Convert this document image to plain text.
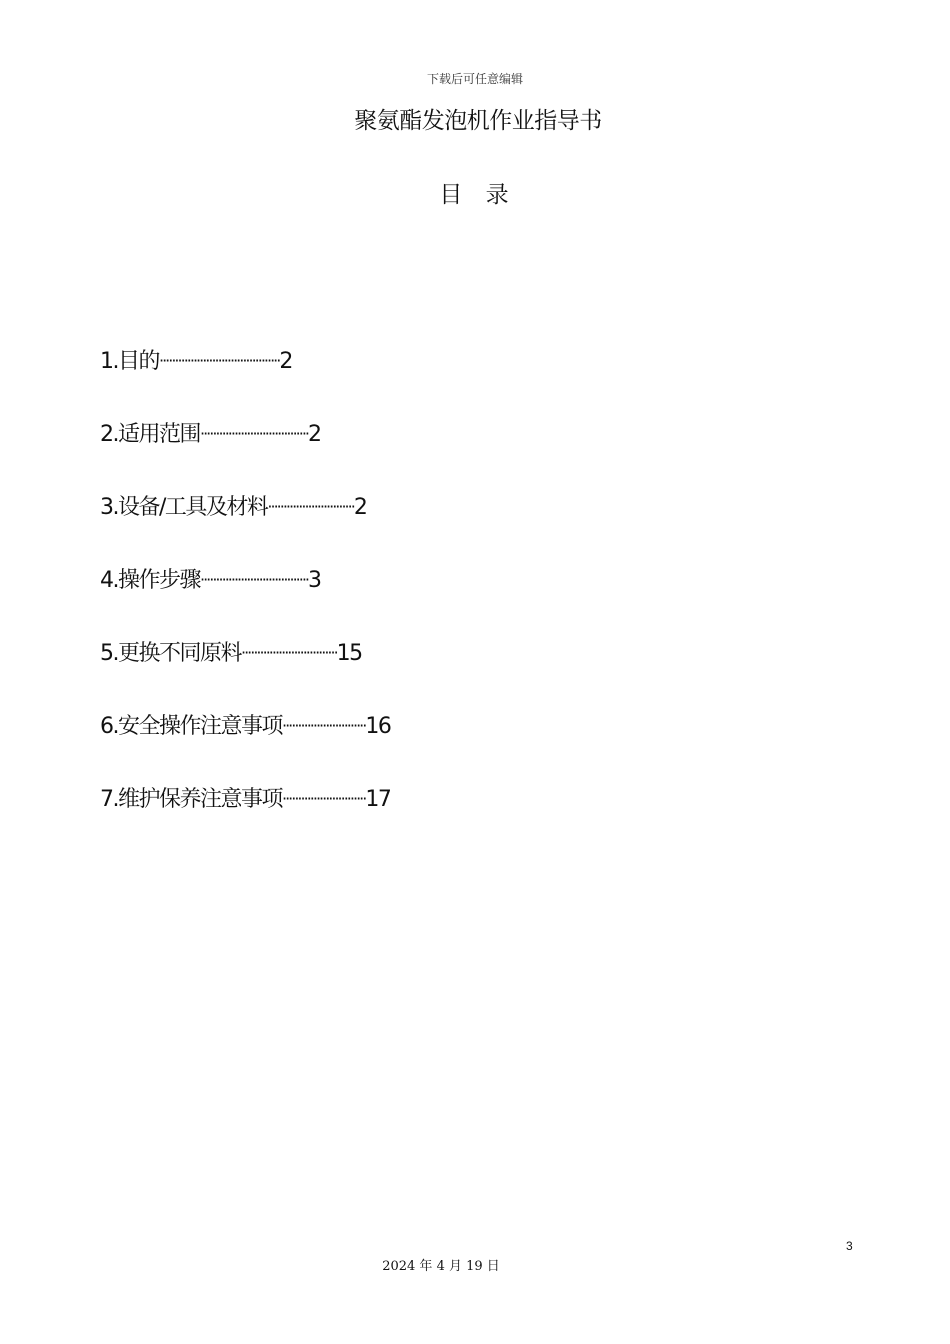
下载后可任意编辑
聚氨酯发泡机作业指导书
目 录
1.目的·······································2
2.适用范围···································2
3.设备/工具及材料····························2
4.操作步骤···································3
5.更换不同原料·······························15
6.安全操作注意事项···························16
7.维护保养注意事项···························17
3
2024 年 4 月 19 日
